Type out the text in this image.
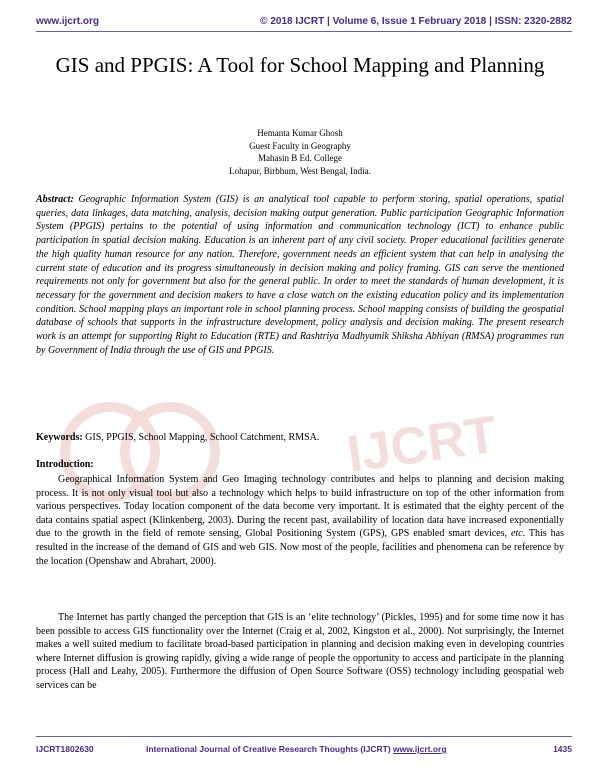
www.ijcrt.org	© 2018 IJCRT | Volume 6, Issue 1 February 2018 | ISSN: 2320-2882
GIS and PPGIS: A Tool for School Mapping and Planning
Hemanta Kumar Ghosh
Guest Faculty in Geography
Mahasin B Ed. College
Lohapur, Birbhum, West Bengal, India.
IJCRT
Abstract: Geographic Information System (GIS) is an analytical tool capable to perform storing, spatial operations, spatial queries, data linkages, data matching, analysis, decision making output generation. Public participation Geographic Information System (PPGIS) pertains to the potential of using information and communication technology (ICT) to enhance public participation in spatial decision making. Education is an inherent part of any civil society. Proper educational facilities generate the high quality human resource for any nation. Therefore, government needs an efficient system that can help in analysing the current state of education and its progress simultaneously in decision making and policy framing. GIS can serve the mentioned requirements not only for government but also for the general public. In order to meet the standards of human development, it is necessary for the government and decision makers to have a close watch on the existing education policy and its implementation condition. School mapping plays an important role in school planning process. School mapping consists of building the geospatial database of schools that supports in the infrastructure development, policy analysis and decision making. The present research work is an attempt for supporting Right to Education (RTE) and Rashtriya Madhyamik Shiksha Abhiyan (RMSA) programmes run by Government of India through the use of GIS and PPGIS.
Keywords: GIS, PPGIS, School Mapping, School Catchment, RMSA.
Introduction:

Geographical Information System and Geo Imaging technology contributes and helps to planning and decision making process. It is not only visual tool but also a technology which helps to build infrastructure on top of the other information from various perspectives. Today location component of the data become very important. It is estimated that the eighty percent of the data contains spatial aspect (Klinkenberg, 2003). During the recent past, availability of location data have increased exponentially due to the growth in the field of remote sensing, Global Positioning System (GPS), GPS enabled smart devices, etc. This has resulted in the increase of the demand of GIS and web GIS. Now most of the people, facilities and phenomena can be reference by the location (Openshaw and Abrahart, 2000).

The Internet has partly changed the perception that GIS is an ‘elite technology’ (Pickles, 1995) and for some time now it has been possible to access GIS functionality over the Internet (Craig et al, 2002, Kingston et al., 2000). Not surprisingly, the Internet makes a well suited medium to facilitate broad-based participation in planning and decision making even in developing countries where Internet diffusion is growing rapidly, giving a wide range of people the opportunity to access and participate in the planning process (Hall and Leahy, 2005). Furthermore the diffusion of Open Source Software (OSS) technology including geospatial web services can be

IJCRT1802630	International Journal of Creative Research Thoughts (IJCRT) www.ijcrt.org	1435
